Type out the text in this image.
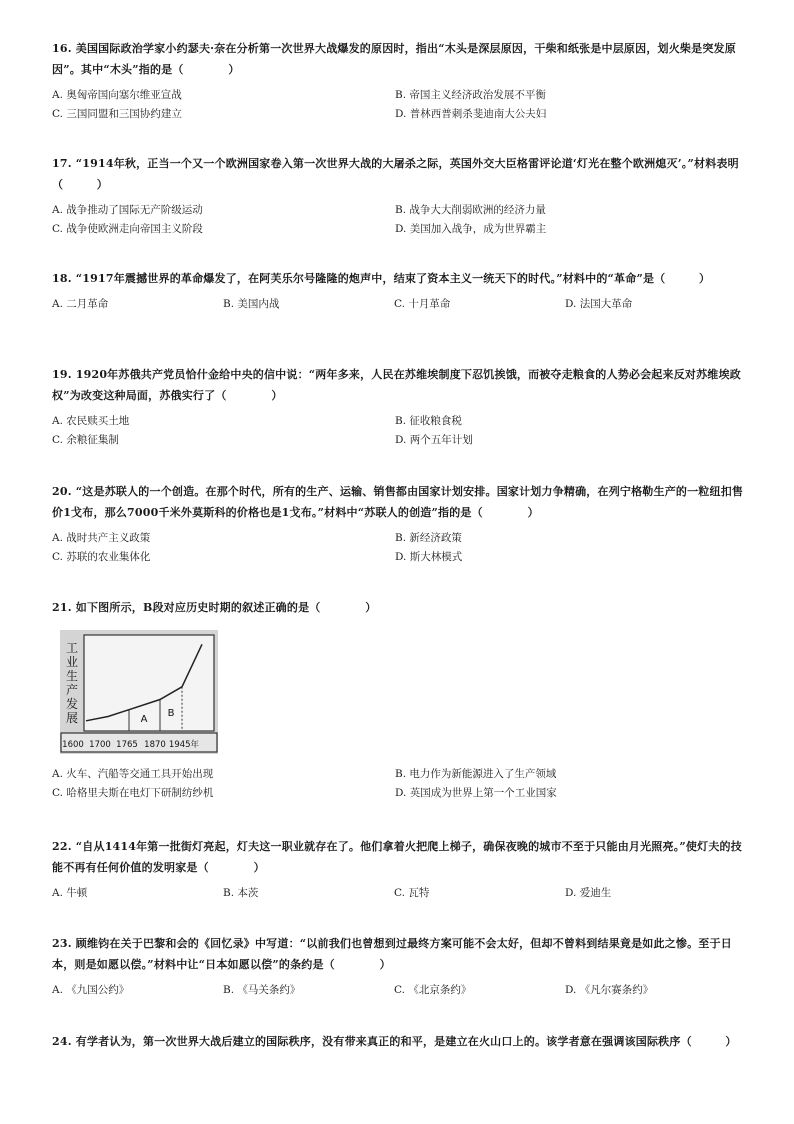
16. 美国国际政治学家小约瑟夫·奈在分析第一次世界大战爆发的原因时，指出“木头是深层原因，干柴和纸张是中层原因，划火柴是突发原因”。其中“木头”指的是（　　　　）
A. 奥匈帝国向塞尔维亚宣战	B. 帝国主义经济政治发展不平衡
C. 三国同盟和三国协约建立	D. 普林西普刺杀斐迪南大公夫妇
17. “1914年秋，正当一个又一个欧洲国家卷入第一次世界大战的大屠杀之际，英国外交大臣格雷评论道‘灯光在整个欧洲熄灭’。”材料表明（　　　）
A. 战争推动了国际无产阶级运动	B. 战争大大削弱欧洲的经济力量
C. 战争使欧洲走向帝国主义阶段	D. 美国加入战争，成为世界霸主
18. “1917年震撼世界的革命爆发了，在阿芙乐尔号隆隆的炮声中，结束了资本主义一统天下的时代。”材料中的“革命”是（　　　）
A. 二月革命	B. 美国内战	C. 十月革命	D. 法国大革命
19. 1920年苏俄共产党员恰什金给中央的信中说：“两年多来，人民在苏维埃制度下忍饥挨饿，而被夺走粮食的人势必会起来反对苏维埃政权”为改变这种局面，苏俄实行了（　　　　）
A. 农民赎买土地	B. 征收粮食税
C. 余粮征集制	D. 两个五年计划
20. “这是苏联人的一个创造。在那个时代，所有的生产、运输、销售都由国家计划安排。国家计划力争精确，在列宁格勒生产的一粒纽扣售价1戈布，那么7000千米外莫斯科的价格也是1戈布。”材料中“苏联人的创造”指的是（　　　　）
A. 战时共产主义政策	B. 新经济政策
C. 苏联的农业集体化	D. 斯大林模式
21. 如下图所示，B段对应历史时期的叙述正确的是（　　　　）
工
业
生
产
发
展
1600 1700 1765 1870 1945年
A
B
A. 火车、汽船等交通工具开始出现	B. 电力作为新能源进入了生产领域
C. 哈格里夫斯在电灯下研制纺纱机	D. 英国成为世界上第一个工业国家
22. “自从1414年第一批街灯亮起，灯夫这一职业就存在了。他们拿着火把爬上梯子，确保夜晚的城市不至于只能由月光照亮。”使灯夫的技能不再有任何价值的发明家是（　　　　）
A. 牛顿	B. 本茨	C. 瓦特	D. 爱迪生
23. 顾维钧在关于巴黎和会的《回忆录》中写道：“以前我们也曾想到过最终方案可能不会太好，但却不曾料到结果竟是如此之惨。至于日本，则是如愿以偿。”材料中让“日本如愿以偿”的条约是（　　　　）
A. 《九国公约》	B. 《马关条约》	C. 《北京条约》	D. 《凡尔赛条约》
24. 有学者认为，第一次世界大战后建立的国际秩序，没有带来真正的和平，是建立在火山口上的。该学者意在强调该国际秩序（　　　）
